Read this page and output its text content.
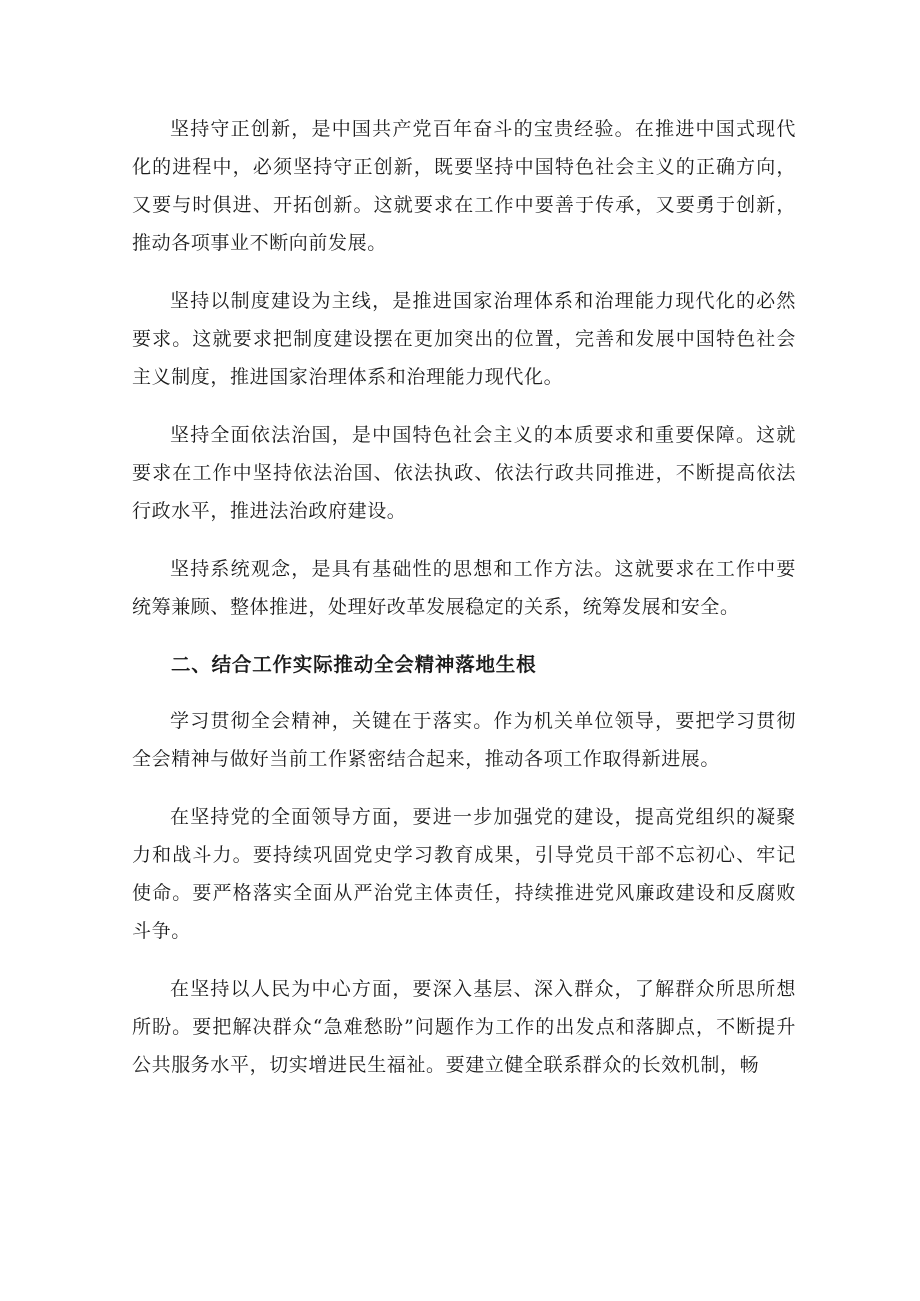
坚持守正创新，是中国共产党百年奋斗的宝贵经验。在推进中国式现代化的进程中，必须坚持守正创新，既要坚持中国特色社会主义的正确方向，又要与时俱进、开拓创新。这就要求在工作中要善于传承，又要勇于创新，推动各项事业不断向前发展。

坚持以制度建设为主线，是推进国家治理体系和治理能力现代化的必然要求。这就要求把制度建设摆在更加突出的位置，完善和发展中国特色社会主义制度，推进国家治理体系和治理能力现代化。

坚持全面依法治国，是中国特色社会主义的本质要求和重要保障。这就要求在工作中坚持依法治国、依法执政、依法行政共同推进，不断提高依法行政水平，推进法治政府建设。

坚持系统观念，是具有基础性的思想和工作方法。这就要求在工作中要统筹兼顾、整体推进，处理好改革发展稳定的关系，统筹发展和安全。

二、结合工作实际推动全会精神落地生根

学习贯彻全会精神，关键在于落实。作为机关单位领导，要把学习贯彻全会精神与做好当前工作紧密结合起来，推动各项工作取得新进展。

在坚持党的全面领导方面，要进一步加强党的建设，提高党组织的凝聚力和战斗力。要持续巩固党史学习教育成果，引导党员干部不忘初心、牢记使命。要严格落实全面从严治党主体责任，持续推进党风廉政建设和反腐败斗争。

在坚持以人民为中心方面，要深入基层、深入群众，了解群众所思所想所盼。要把解决群众“急难愁盼”问题作为工作的出发点和落脚点，不断提升公共服务水平，切实增进民生福祉。要建立健全联系群众的长效机制，畅
